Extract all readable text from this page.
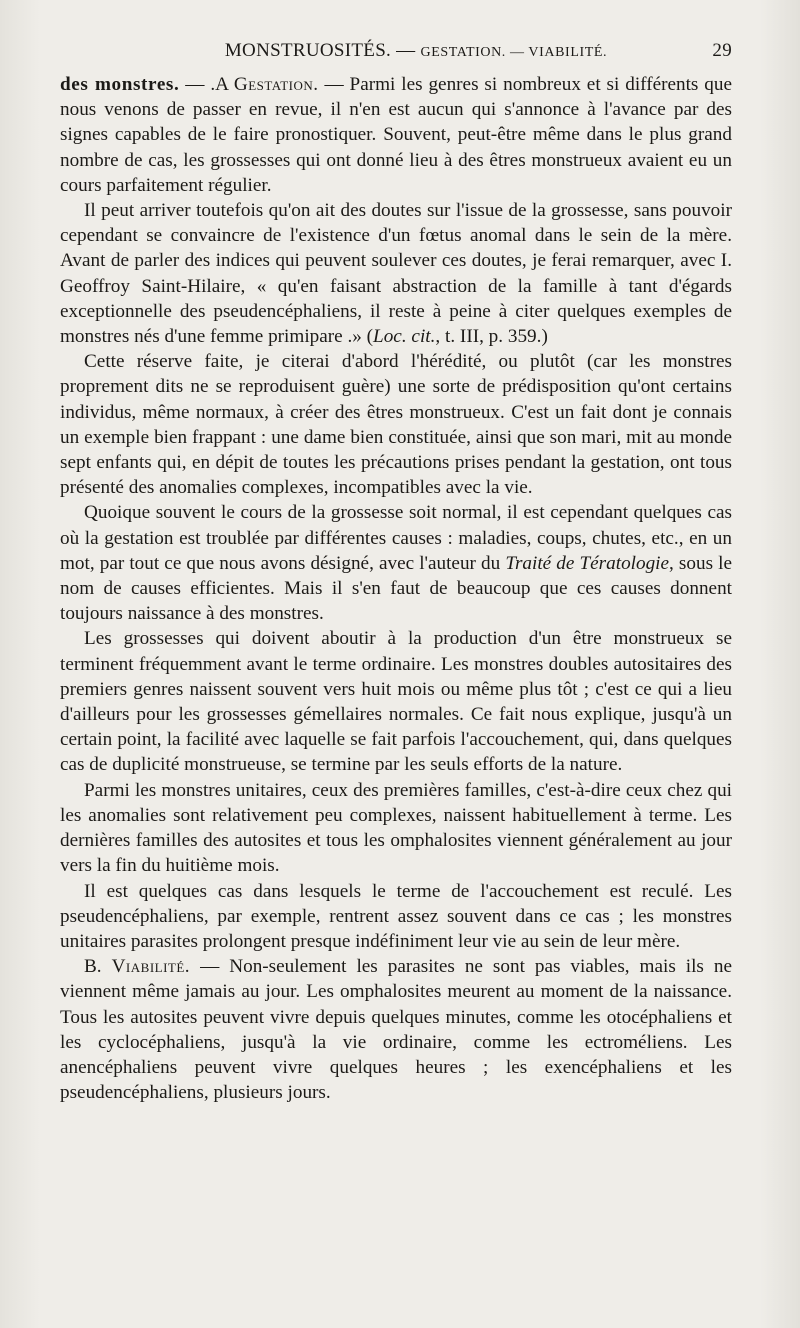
MONSTRUOSITÉS. — GESTATION. — VIABILITÉ.	29

des monstres. — .A Gestation. — Parmi les genres si nombreux et si différents que nous venons de passer en revue, il n'en est aucun qui s'annonce à l'avance par des signes capables de le faire pronostiquer. Souvent, peut-être même dans le plus grand nombre de cas, les grossesses qui ont donné lieu à des êtres monstrueux avaient eu un cours parfaitement régulier.

Il peut arriver toutefois qu'on ait des doutes sur l'issue de la grossesse, sans pouvoir cependant se convaincre de l'existence d'un fœtus anomal dans le sein de la mère. Avant de parler des indices qui peuvent soulever ces doutes, je ferai remarquer, avec I. Geoffroy Saint-Hilaire, « qu'en faisant abstraction de la famille à tant d'égards exceptionnelle des pseudencéphaliens, il reste à peine à citer quelques exemples de monstres nés d'une femme primipare .» (Loc. cit., t. III, p. 359.)

Cette réserve faite, je citerai d'abord l'hérédité, ou plutôt (car les monstres proprement dits ne se reproduisent guère) une sorte de prédisposition qu'ont certains individus, même normaux, à créer des êtres monstrueux. C'est un fait dont je connais un exemple bien frappant : une dame bien constituée, ainsi que son mari, mit au monde sept enfants qui, en dépit de toutes les précautions prises pendant la gestation, ont tous présenté des anomalies complexes, incompatibles avec la vie.

Quoique souvent le cours de la grossesse soit normal, il est cependant quelques cas où la gestation est troublée par différentes causes : maladies, coups, chutes, etc., en un mot, par tout ce que nous avons désigné, avec l'auteur du Traité de Tératologie, sous le nom de causes efficientes. Mais il s'en faut de beaucoup que ces causes donnent toujours naissance à des monstres.

Les grossesses qui doivent aboutir à la production d'un être monstrueux se terminent fréquemment avant le terme ordinaire. Les monstres doubles autositaires des premiers genres naissent souvent vers huit mois ou même plus tôt ; c'est ce qui a lieu d'ailleurs pour les grossesses gémellaires normales. Ce fait nous explique, jusqu'à un certain point, la facilité avec laquelle se fait parfois l'accouchement, qui, dans quelques cas de duplicité monstrueuse, se termine par les seuls efforts de la nature.

Parmi les monstres unitaires, ceux des premières familles, c'est-à-dire ceux chez qui les anomalies sont relativement peu complexes, naissent habituellement à terme. Les dernières familles des autosites et tous les omphalosites viennent généralement au jour vers la fin du huitième mois.

Il est quelques cas dans lesquels le terme de l'accouchement est reculé. Les pseudencéphaliens, par exemple, rentrent assez souvent dans ce cas ; les monstres unitaires parasites prolongent presque indéfiniment leur vie au sein de leur mère.

B. Viabilité. — Non-seulement les parasites ne sont pas viables, mais ils ne viennent même jamais au jour. Les omphalosites meurent au moment de la naissance. Tous les autosites peuvent vivre depuis quelques minutes, comme les otocéphaliens et les cyclocéphaliens, jusqu'à la vie ordinaire, comme les ectroméliens. Les anencéphaliens peuvent vivre quelques heures ; les exencéphaliens et les pseudencéphaliens, plusieurs jours.
